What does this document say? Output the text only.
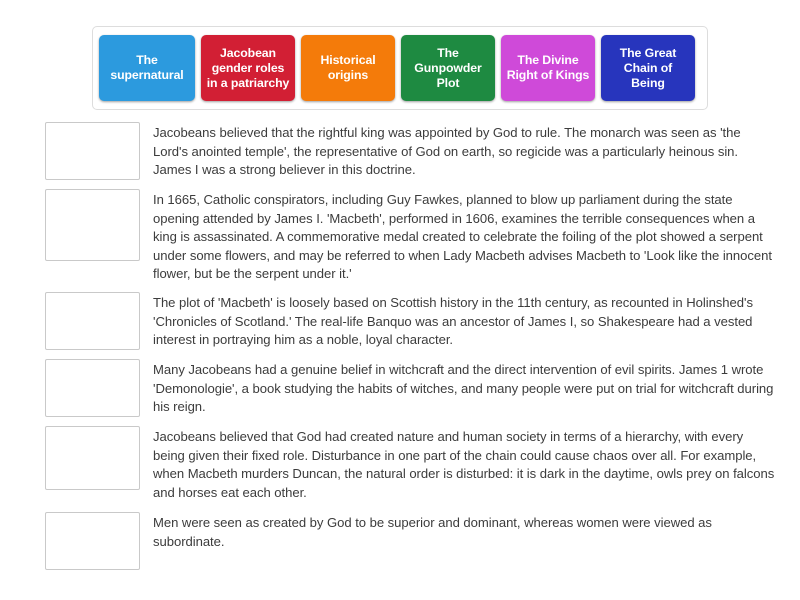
The supernatural
Jacobean gender roles in a patriarchy
Historical origins
The Gunpowder Plot
The Divine Right of Kings
The Great Chain of Being
Jacobeans believed that the rightful king was appointed by God to rule. The monarch was seen as 'the Lord's anointed temple', the representative of God on earth, so regicide was a particularly heinous sin. James I was a strong believer in this doctrine.
In 1665, Catholic conspirators, including Guy Fawkes, planned to blow up parliament during the state opening attended by James I. 'Macbeth', performed in 1606, examines the terrible consequences when a king is assassinated. A commemorative medal created to celebrate the foiling of the plot showed a serpent under some flowers, and may be referred to when Lady Macbeth advises Macbeth to 'Look like the innocent flower, but be the serpent under it.'
The plot of 'Macbeth' is loosely based on Scottish history in the 11th century, as recounted in Holinshed's 'Chronicles of Scotland.' The real-life Banquo was an ancestor of James I, so Shakespeare had a vested interest in portraying him as a noble, loyal character.
Many Jacobeans had a genuine belief in witchcraft and the direct intervention of evil spirits. James 1 wrote 'Demonologie', a book studying the habits of witches, and many people were put on trial for witchcraft during his reign.
Jacobeans believed that God had created nature and human society in terms of a hierarchy, with every being given their fixed role. Disturbance in one part of the chain could cause chaos over all. For example, when Macbeth murders Duncan, the natural order is disturbed: it is dark in the daytime, owls prey on falcons and horses eat each other.
Men were seen as created by God to be superior and dominant, whereas women were viewed as subordinate.
